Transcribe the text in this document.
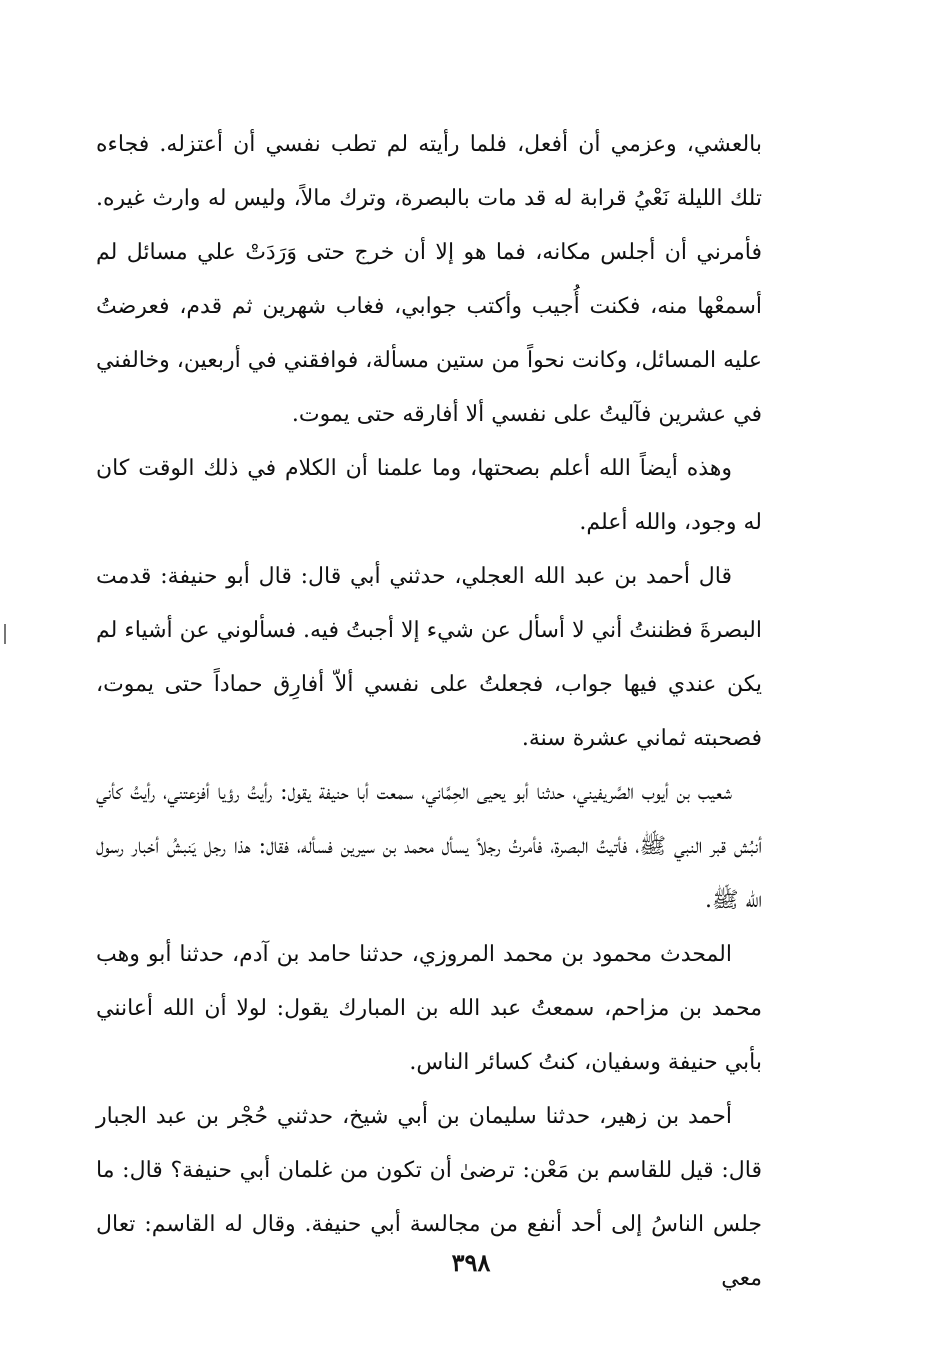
بالعشي، وعزمي أن أفعل، فلما رأيته لم تطب نفسي أن أعتزله. فجاءه تلك الليلة نَعْيُ قرابة له قد مات بالبصرة، وترك مالاً، وليس له وارث غيره. فأمرني أن أجلس مكانه، فما هو إلا أن خرج حتى وَرَدَتْ علي مسائل لم أسمعْها منه، فكنت أُجيب وأكتب جوابي، فغاب شهرين ثم قدم، فعرضتُ عليه المسائل، وكانت نحواً من ستين مسألة، فوافقني في أربعين، وخالفني في عشرين فآليتُ على نفسي ألا أفارقه حتى يموت.

وهذه أيضاً الله أعلم بصحتها، وما علمنا أن الكلام في ذلك الوقت كان له وجود، والله أعلم.

قال أحمد بن عبد الله العجلي، حدثني أبي قال: قال أبو حنيفة: قدمت البصرةَ فظننتُ أني لا أسأل عن شيء إلا أجبتُ فيه. فسألوني عن أشياء لم يكن عندي فيها جواب، فجعلتُ على نفسي ألاّ أفارِق حماداً حتى يموت، فصحبته ثماني عشرة سنة.

شعيب بن أيوب الصَّريفيني، حدثنا أبو يحيى الحِمَّاني، سمعت أبا حنيفة يقول: رأيتُ رؤيا أفزعتني، رأيتُ كأني أنبُش قبر النبي ﷺ، فأتيتُ البصرة، فأمرتُ رجلاً يسأل محمد بن سيرين فسأله، فقال: هذا رجل يَنبشُ أخبار رسول الله ﷺ.

المحدث محمود بن محمد المروزي، حدثنا حامد بن آدم، حدثنا أبو وهب محمد بن مزاحم، سمعتُ عبد الله بن المبارك يقول: لولا أن الله أعانني بأبي حنيفة وسفيان، كنتُ كسائر الناس.

أحمد بن زهير، حدثنا سليمان بن أبي شيخ، حدثني حُجْر بن عبد الجبار قال: قيل للقاسم بن مَعْن: ترضىٰ أن تكون من غلمان أبي حنيفة؟ قال: ما جلس الناسُ إلى أحد أنفع من مجالسة أبي حنيفة. وقال له القاسم: تعال معي

٣٩٨
